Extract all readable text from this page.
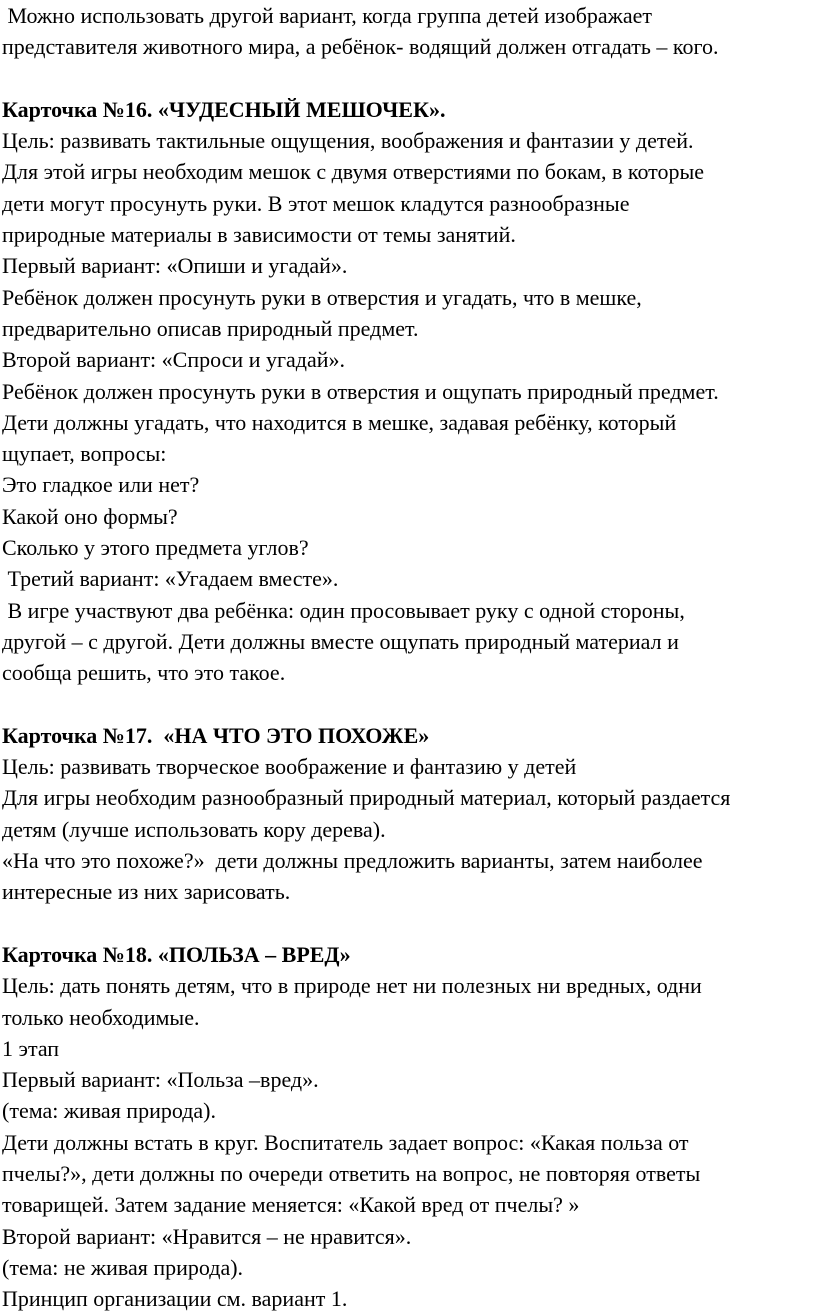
Можно использовать другой вариант, когда группа детей изображает

представителя животного мира, а ребёнок- водящий должен отгадать – кого.

Карточка №16. «ЧУДЕСНЫЙ МЕШОЧЕК».

Цель: развивать тактильные ощущения, воображения и фантазии у детей.

Для этой игры необходим мешок с двумя отверстиями по бокам, в которые

дети могут просунуть руки. В этот мешок кладутся разнообразные

природные материалы в зависимости от темы занятий.

Первый вариант: «Опиши и угадай».

Ребёнок должен просунуть руки в отверстия и угадать, что в мешке,

предварительно описав природный предмет.

Второй вариант: «Спроси и угадай».

Ребёнок должен просунуть руки в отверстия и ощупать природный предмет.

Дети должны угадать, что находится в мешке, задавая ребёнку, который

щупает, вопросы:

Это гладкое или нет?

Какой оно формы?

Сколько у этого предмета углов?

Третий вариант: «Угадаем вместе».

В игре участвуют два ребёнка: один просовывает руку с одной стороны,

другой – с другой. Дети должны вместе ощупать природный материал и

сообща решить, что это такое.

Карточка №17.  «НА ЧТО ЭТО ПОХОЖЕ»

Цель: развивать творческое воображение и фантазию у детей

Для игры необходим разнообразный природный материал, который раздается

детям (лучше использовать кору дерева).

«На что это похоже?»  дети должны предложить варианты, затем наиболее

интересные из них зарисовать.

Карточка №18. «ПОЛЬЗА – ВРЕД»

Цель: дать понять детям, что в природе нет ни полезных ни вредных, одни

только необходимые.

1 этап

Первый вариант: «Польза –вред».

(тема: живая природа).

Дети должны встать в круг. Воспитатель задает вопрос: «Какая польза от

пчелы?», дети должны по очереди ответить на вопрос, не повторяя ответы

товарищей. Затем задание меняется: «Какой вред от пчелы? »

Второй вариант: «Нравится – не нравится».

(тема: не живая природа).

Принцип организации см. вариант 1.
